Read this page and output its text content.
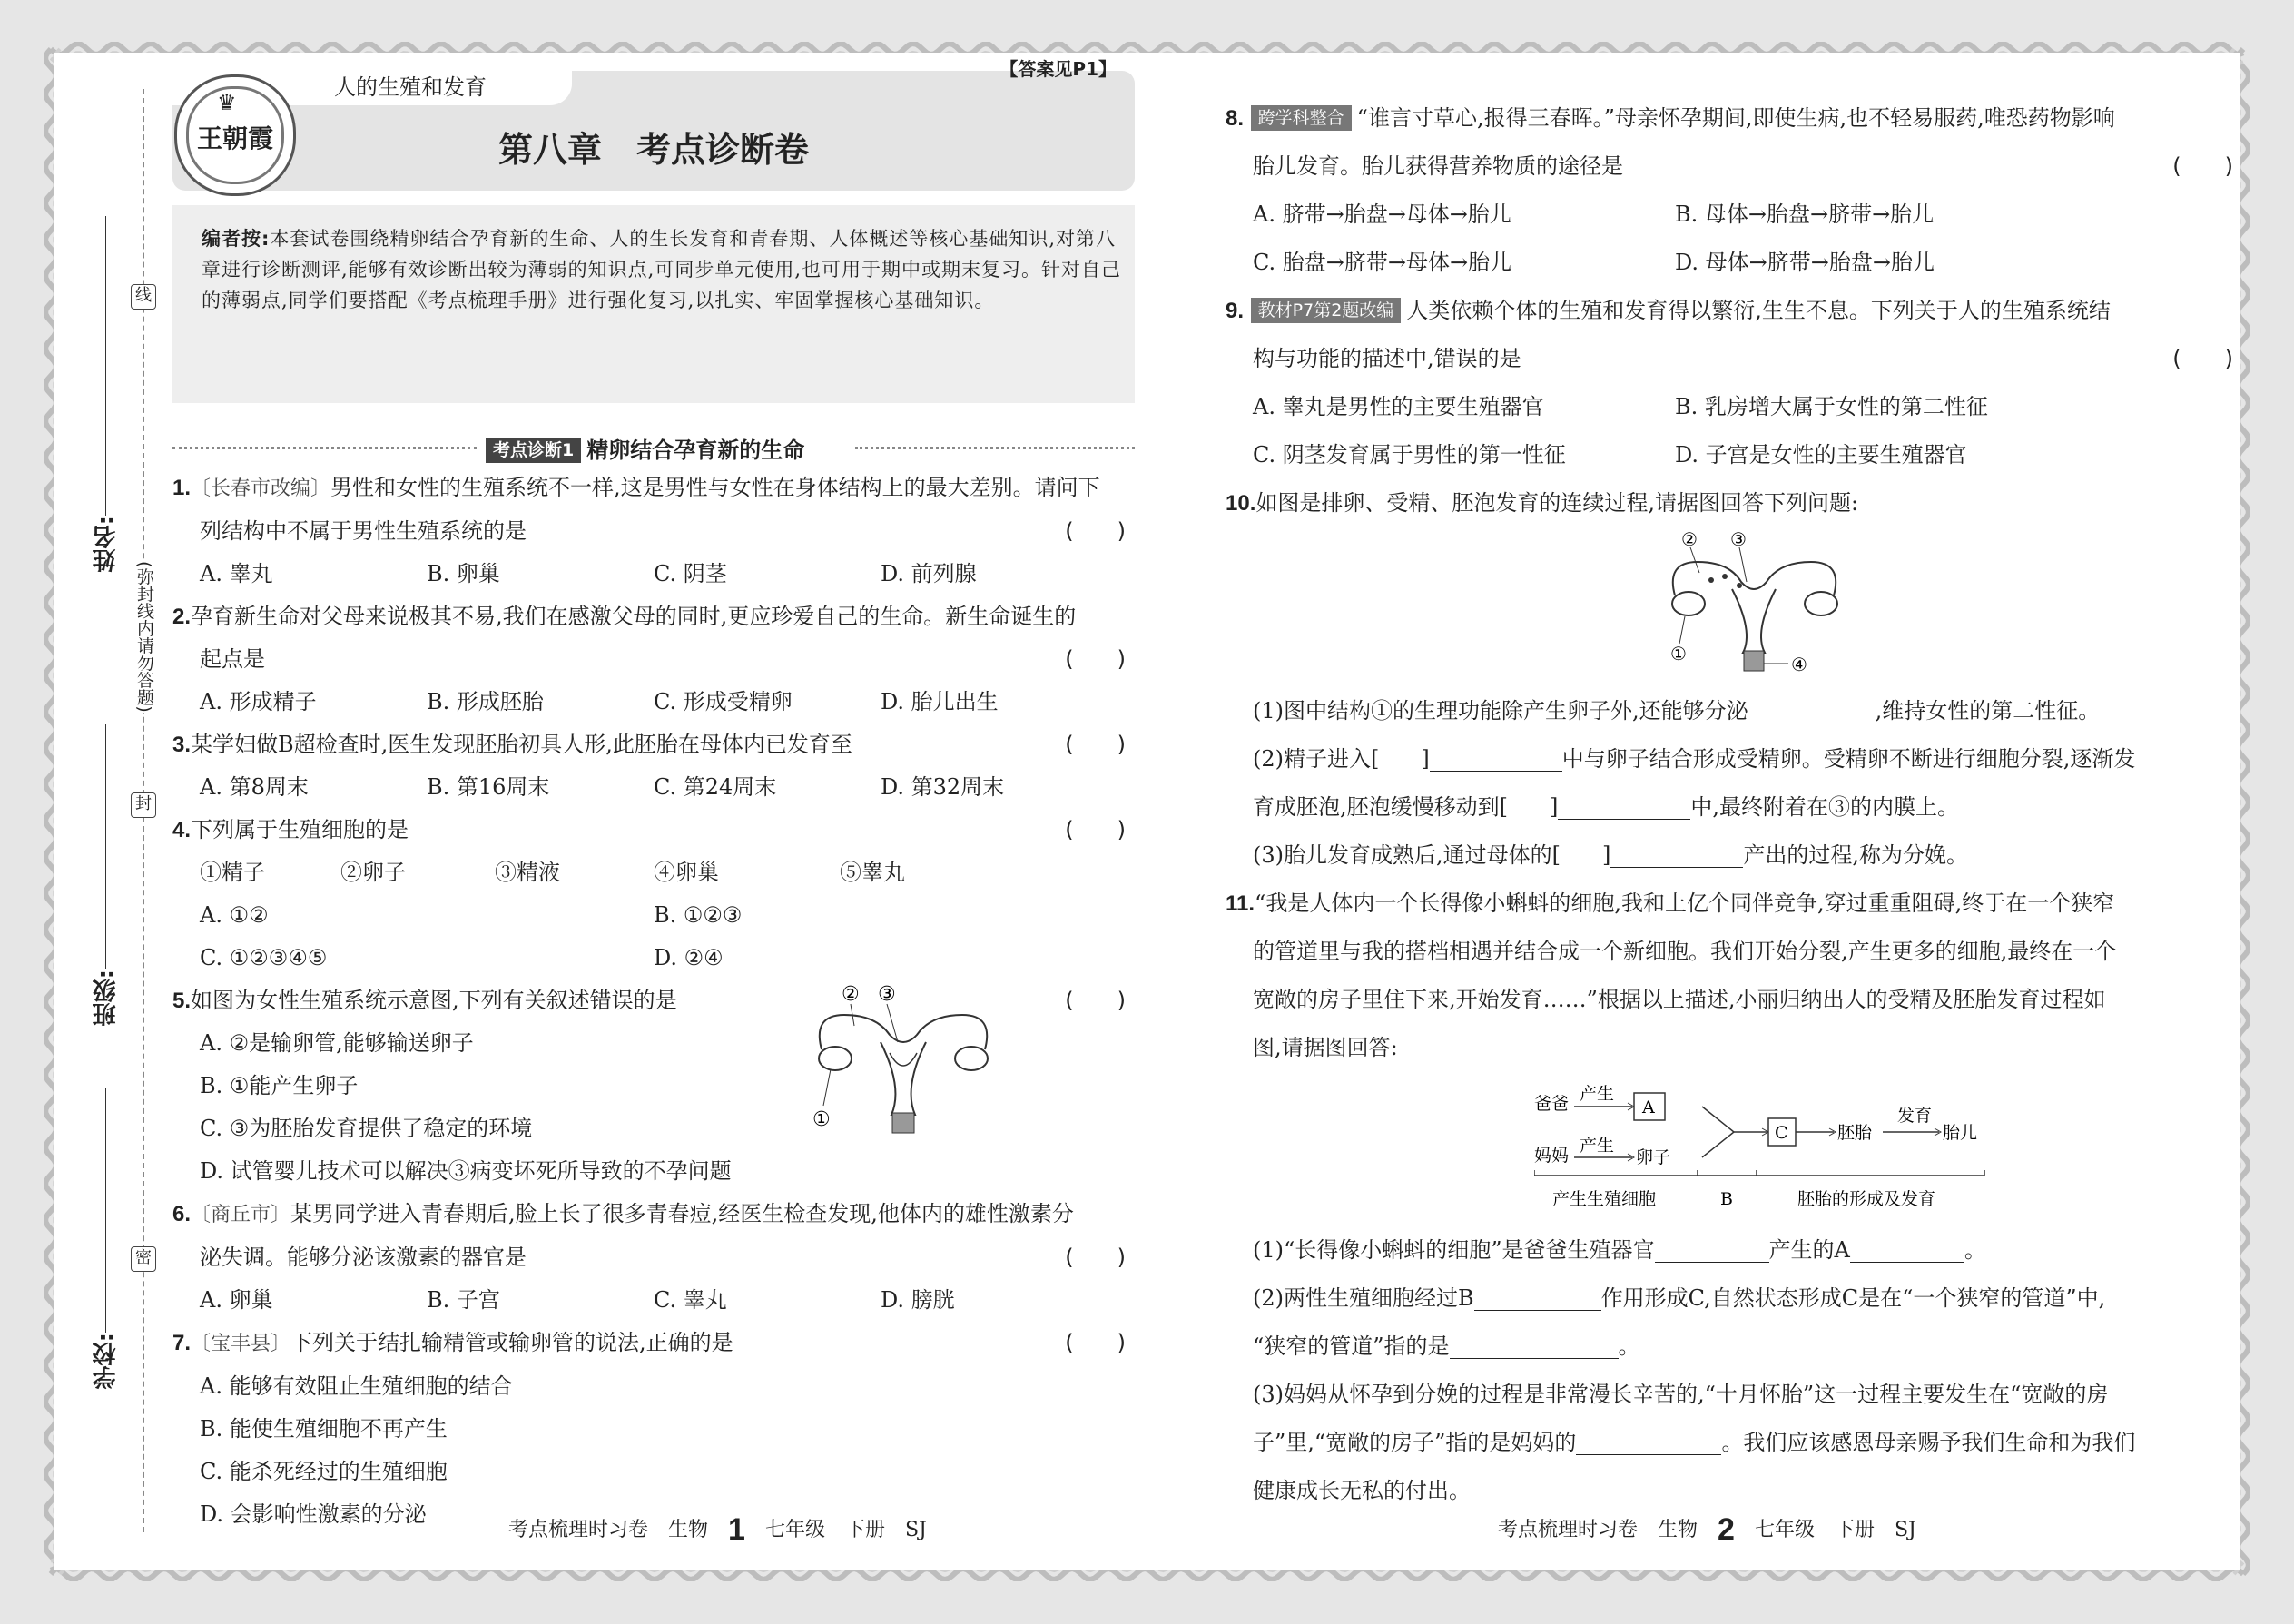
姓名:
班级:
学校:
线
封
密
(弥封线内请勿答题)
人的生殖和发育
【答案见P1】
第八章　考点诊断卷
♛
王朝霞
编者按:本套试卷围绕精卵结合孕育新的生命、人的生长发育和青春期、人体概述等核心基础知识,对第八章进行诊断测评,能够有效诊断出较为薄弱的知识点,可同步单元使用,也可用于期中或期末复习。针对自己的薄弱点,同学们要搭配《考点梳理手册》进行强化复习,以扎实、牢固掌握核心基础知识。
考点诊断1 精卵结合孕育新的生命
1.〔长春市改编〕男性和女性的生殖系统不一样,这是男性与女性在身体结构上的最大差别。请问下
列结构中不属于男性生殖系统的是	(　　)
A. 睾丸	B. 卵巢	C. 阴茎	D. 前列腺
2.孕育新生命对父母来说极其不易,我们在感激父母的同时,更应珍爱自己的生命。新生命诞生的
起点是	(　　)
A. 形成精子	B. 形成胚胎	C. 形成受精卵	D. 胎儿出生
3.某学妇做B超检查时,医生发现胚胎初具人形,此胚胎在母体内已发育至	(　　)
A. 第8周末	B. 第16周末	C. 第24周末	D. 第32周末
4.下列属于生殖细胞的是	(　　)
①精子	②卵子	③精液	④卵巢	⑤睾丸
A. ①②	B. ①②③
C. ①②③④⑤	D. ②④
5.如图为女性生殖系统示意图,下列有关叙述错误的是	(　　)
A. ②是输卵管,能够输送卵子
B. ①能产生卵子
C. ③为胚胎发育提供了稳定的环境
D. 试管婴儿技术可以解决③病变坏死所导致的不孕问题
② ③
①
6.〔商丘市〕某男同学进入青春期后,脸上长了很多青春痘,经医生检查发现,他体内的雄性激素分
泌失调。能够分泌该激素的器官是	(　　)
A. 卵巢	B. 子宫	C. 睾丸	D. 膀胱
7.〔宝丰县〕下列关于结扎输精管或输卵管的说法,正确的是	(　　)
A. 能够有效阻止生殖细胞的结合
B. 能使生殖细胞不再产生
C. 能杀死经过的生殖细胞
D. 会影响性激素的分泌
考点梳理时习卷　生物 1 七年级　下册　SJ
8. 跨学科整合 “谁言寸草心,报得三春晖。”母亲怀孕期间,即使生病,也不轻易服药,唯恐药物影响
胎儿发育。胎儿获得营养物质的途径是	(　　)
A. 脐带→胎盘→母体→胎儿	B. 母体→胎盘→脐带→胎儿
C. 胎盘→脐带→母体→胎儿	D. 母体→脐带→胎盘→胎儿
9. 教材P7第2题改编 人类依赖个体的生殖和发育得以繁衍,生生不息。下列关于人的生殖系统结
构与功能的描述中,错误的是	(　　)
A. 睾丸是男性的主要生殖器官	B. 乳房增大属于女性的第二性征
C. 阴茎发育属于男性的第一性征	D. 子宫是女性的主要生殖器官
10.如图是排卵、受精、胚泡发育的连续过程,请据图回答下列问题:
② ③
①	④
(1)图中结构①的生理功能除产生卵子外,还能够分泌	,维持女性的第二性征。
(2)精子进入[ ]	中与卵子结合形成受精卵。受精卵不断进行细胞分裂,逐渐发
育成胚泡,胚泡缓慢移动到[ ]	中,最终附着在③的内膜上。
(3)胎儿发育成熟后,通过母体的[ ]	产出的过程,称为分娩。
11.“我是人体内一个长得像小蝌蚪的细胞,我和上亿个同伴竞争,穿过重重阻碍,终于在一个狭窄
的管道里与我的搭档相遇并结合成一个新细胞。我们开始分裂,产生更多的细胞,最终在一个
宽敞的房子里住下来,开始发育……”根据以上描述,小丽归纳出人的受精及胚胎发育过程如
图,请据图回答:
爸爸 产生
A
妈妈 产生
卵子
C	胚胎
发育
胎儿
产生生殖细胞	B	胚胎的形成及发育
(1)“长得像小蝌蚪的细胞”是爸爸生殖器官	产生的A	。
(2)两性生殖细胞经过B	作用形成C,自然状态形成C是在“一个狭窄的管道”中,
“狭窄的管道”指的是	。
(3)妈妈从怀孕到分娩的过程是非常漫长辛苦的,“十月怀胎”这一过程主要发生在“宽敞的房
子”里,“宽敞的房子”指的是妈妈的	。我们应该感恩母亲赐予我们生命和为我们
健康成长无私的付出。
考点梳理时习卷　生物 2 七年级　下册　SJ
